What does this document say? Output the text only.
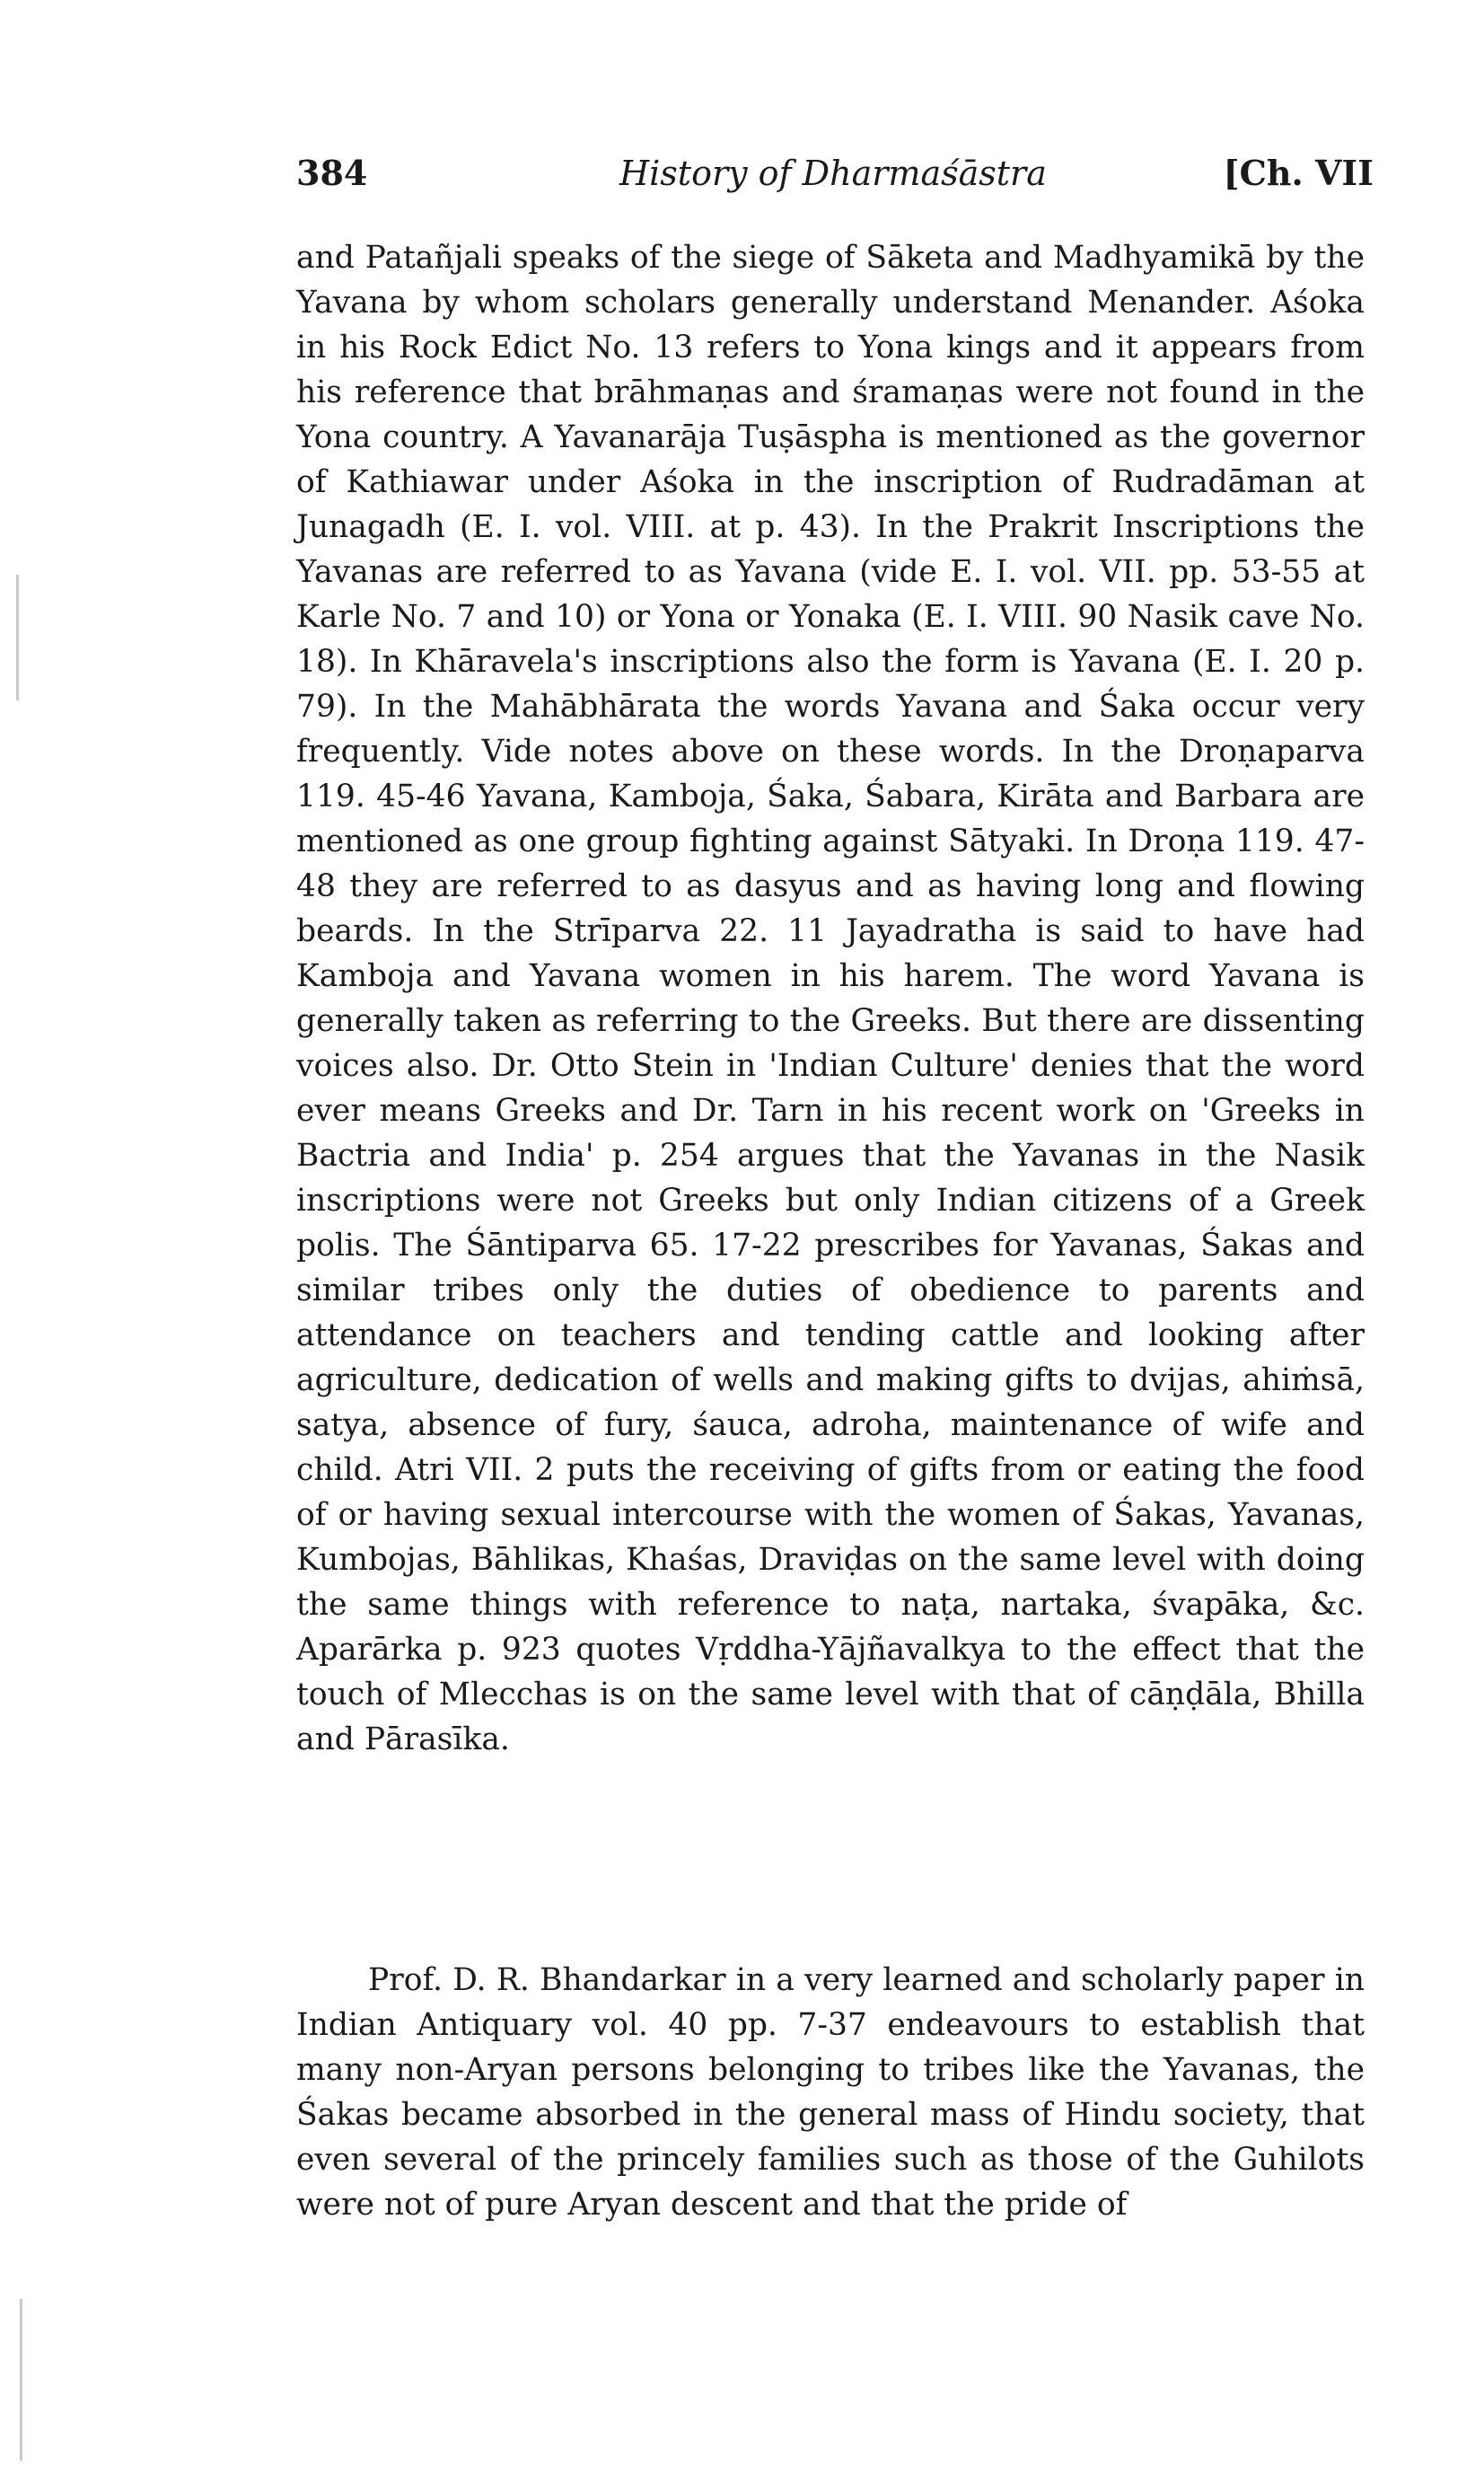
384	History of Dharmaśāstra	[Ch. VII

and Patañjali speaks of the siege of Sāketa and Madhyamikā by the Yavana by whom scholars generally understand Menander. Aśoka in his Rock Edict No. 13 refers to Yona kings and it appears from his reference that brāhmaṇas and śramaṇas were not found in the Yona country. A Yavanarāja Tuṣāspha is mentioned as the governor of Kathiawar under Aśoka in the inscription of Rudradāman at Junagadh (E. I. vol. VIII. at p. 43). In the Prakrit Inscriptions the Yavanas are referred to as Yavana (vide E. I. vol. VII. pp. 53-55 at Karle No. 7 and 10) or Yona or Yonaka (E. I. VIII. 90 Nasik cave No. 18). In Khāravela's inscriptions also the form is Yavana (E. I. 20 p. 79). In the Mahābhārata the words Yavana and Śaka occur very frequently. Vide notes above on these words. In the Droṇaparva 119. 45-46 Yavana, Kamboja, Śaka, Śabara, Kirāta and Barbara are mentioned as one group fighting against Sātyaki. In Droṇa 119. 47-48 they are referred to as dasyus and as having long and flowing beards. In the Strīparva 22. 11 Jayadratha is said to have had Kamboja and Yavana women in his harem. The word Yavana is generally taken as referring to the Greeks. But there are dissenting voices also. Dr. Otto Stein in 'Indian Culture' denies that the word ever means Greeks and Dr. Tarn in his recent work on 'Greeks in Bactria and India' p. 254 argues that the Yavanas in the Nasik inscriptions were not Greeks but only Indian citizens of a Greek polis. The Śāntiparva 65. 17-22 prescribes for Yavanas, Śakas and similar tribes only the duties of obedience to parents and attendance on teachers and tending cattle and looking after agriculture, dedication of wells and making gifts to dvijas, ahiṁsā, satya, absence of fury, śauca, adroha, maintenance of wife and child. Atri VII. 2 puts the receiving of gifts from or eating the food of or having sexual intercourse with the women of Śakas, Yavanas, Kumbojas, Bāhlikas, Khaśas, Draviḍas on the same level with doing the same things with reference to naṭa, nartaka, śvapāka, &c. Aparārka p. 923 quotes Vṛddha-Yājñavalkya to the effect that the touch of Mlecchas is on the same level with that of cāṇḍāla, Bhilla and Pārasīka.

Prof. D. R. Bhandarkar in a very learned and scholarly paper in Indian Antiquary vol. 40 pp. 7-37 endeavours to establish that many non-Aryan persons belonging to tribes like the Yavanas, the Śakas became absorbed in the general mass of Hindu society, that even several of the princely families such as those of the Guhilots were not of pure Aryan descent and that the pride of
